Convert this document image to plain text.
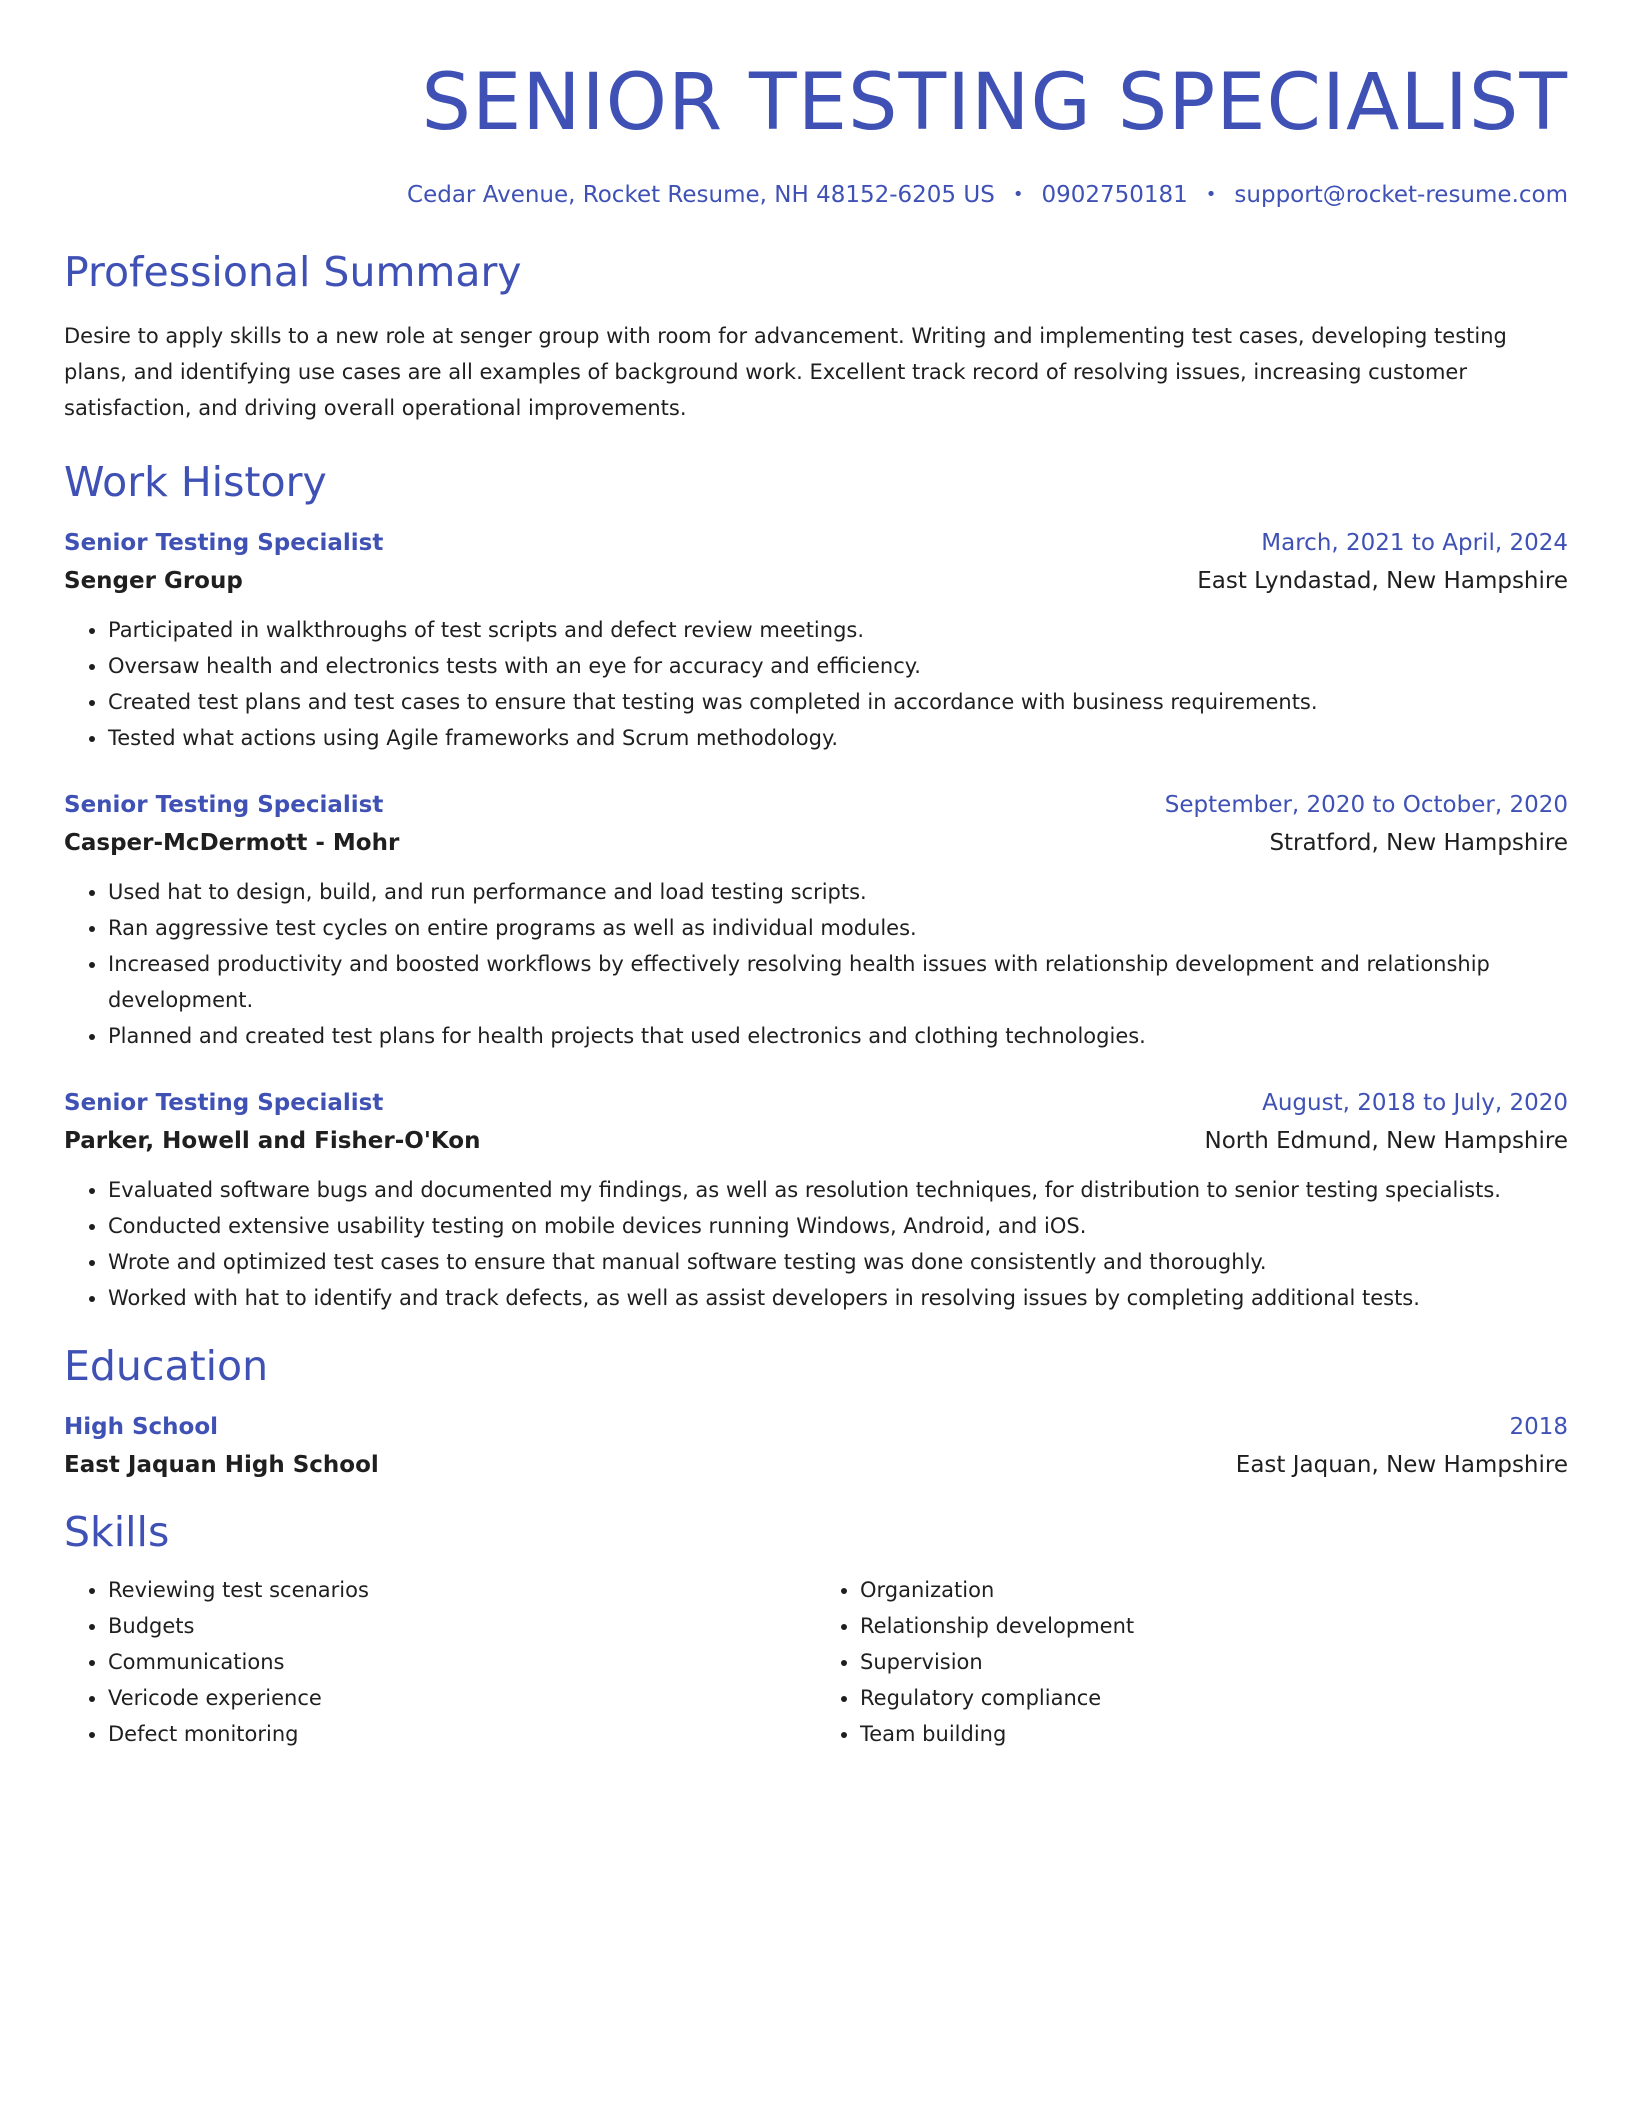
SENIOR TESTING SPECIALIST
Cedar Avenue, Rocket Resume, NH 48152-6205 US • 0902750181 • support@rocket-resume.com
Professional Summary

Desire to apply skills to a new role at senger group with room for advancement. Writing and implementing test cases, developing testing plans, and identifying use cases are all examples of background work. Excellent track record of resolving issues, increasing customer satisfaction, and driving overall operational improvements.

Work History
Senior Testing Specialist	March, 2021 to April, 2024
Senger Group	East Lyndastad, New Hampshire
• Participated in walkthroughs of test scripts and defect review meetings.
• Oversaw health and electronics tests with an eye for accuracy and efficiency.
• Created test plans and test cases to ensure that testing was completed in accordance with business requirements.
• Tested what actions using Agile frameworks and Scrum methodology.
Senior Testing Specialist	September, 2020 to October, 2020
Casper-McDermott - Mohr	Stratford, New Hampshire
• Used hat to design, build, and run performance and load testing scripts.
• Ran aggressive test cycles on entire programs as well as individual modules.
• Increased productivity and boosted workflows by effectively resolving health issues with relationship development and relationship development.
• Planned and created test plans for health projects that used electronics and clothing technologies.
Senior Testing Specialist	August, 2018 to July, 2020
Parker, Howell and Fisher-O'Kon	North Edmund, New Hampshire
• Evaluated software bugs and documented my findings, as well as resolution techniques, for distribution to senior testing specialists.
• Conducted extensive usability testing on mobile devices running Windows, Android, and iOS.
• Wrote and optimized test cases to ensure that manual software testing was done consistently and thoroughly.
• Worked with hat to identify and track defects, as well as assist developers in resolving issues by completing additional tests.
Education
High School	2018
East Jaquan High School	East Jaquan, New Hampshire
Skills
• Reviewing test scenarios
• Budgets
• Communications
• Vericode experience
• Defect monitoring
• Organization
• Relationship development
• Supervision
• Regulatory compliance
• Team building
